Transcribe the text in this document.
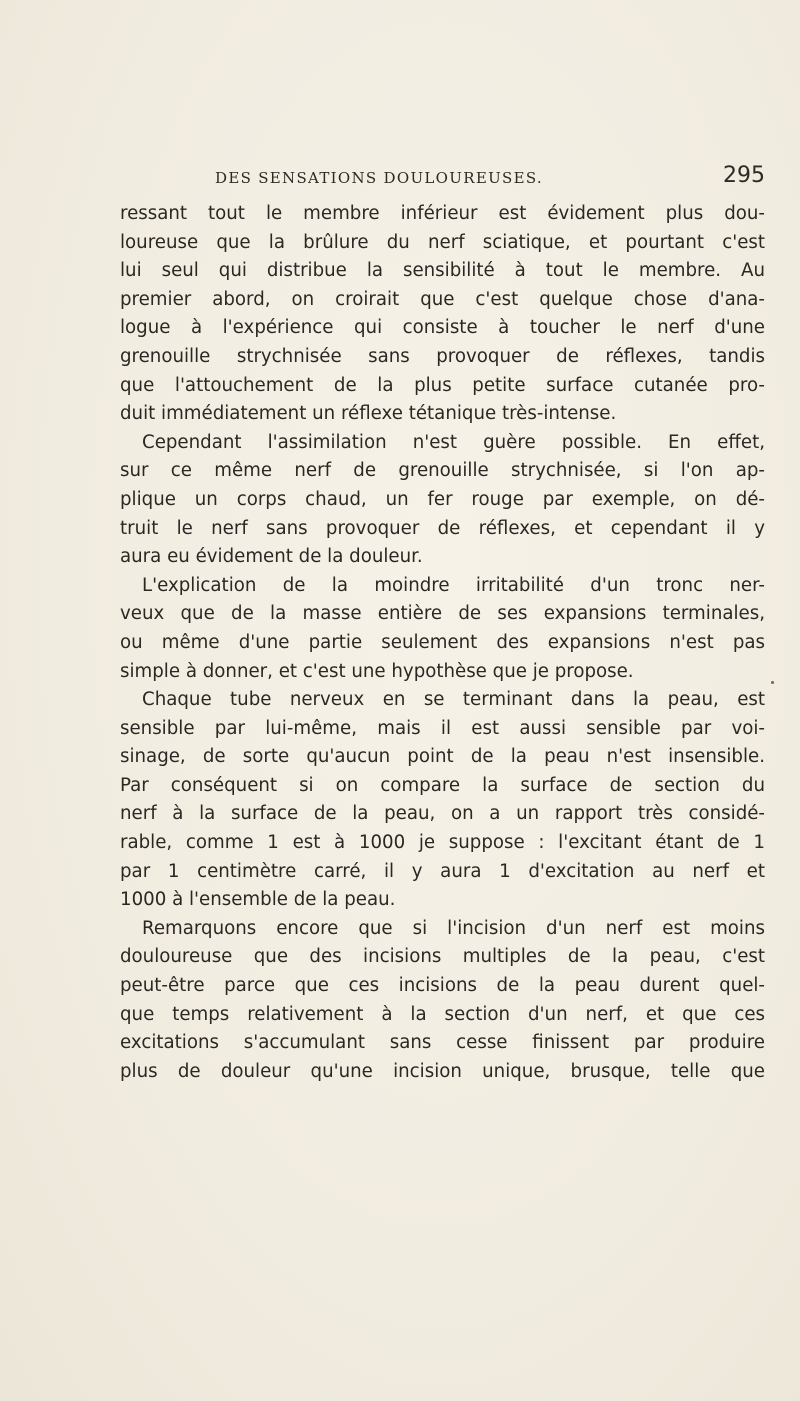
DES SENSATIONS DOULOUREUSES.	295
ressant tout le membre inférieur est évidement plus dou-
loureuse que la brûlure du nerf sciatique, et pourtant c'est
lui seul qui distribue la sensibilité à tout le membre. Au
premier abord, on croirait que c'est quelque chose d'ana-
logue à l'expérience qui consiste à toucher le nerf d'une
grenouille strychnisée sans provoquer de réflexes, tandis
que l'attouchement de la plus petite surface cutanée pro-
duit immédiatement un réflexe tétanique très-intense.
Cependant l'assimilation n'est guère possible. En effet,
sur ce même nerf de grenouille strychnisée, si l'on ap-
plique un corps chaud, un fer rouge par exemple, on dé-
truit le nerf sans provoquer de réflexes, et cependant il y
aura eu évidement de la douleur.
L'explication de la moindre irritabilité d'un tronc ner-
veux que de la masse entière de ses expansions terminales,
ou même d'une partie seulement des expansions n'est pas
simple à donner, et c'est une hypothèse que je propose.
Chaque tube nerveux en se terminant dans la peau, est
sensible par lui-même, mais il est aussi sensible par voi-
sinage, de sorte qu'aucun point de la peau n'est insensible.
Par conséquent si on compare la surface de section du
nerf à la surface de la peau, on a un rapport très considé-
rable, comme 1 est à 1000 je suppose : l'excitant étant de 1
par 1 centimètre carré, il y aura 1 d'excitation au nerf et
1000 à l'ensemble de la peau.
Remarquons encore que si l'incision d'un nerf est moins
douloureuse que des incisions multiples de la peau, c'est
peut-être parce que ces incisions de la peau durent quel-
que temps relativement à la section d'un nerf, et que ces
excitations s'accumulant sans cesse finissent par produire
plus de douleur qu'une incision unique, brusque, telle que
